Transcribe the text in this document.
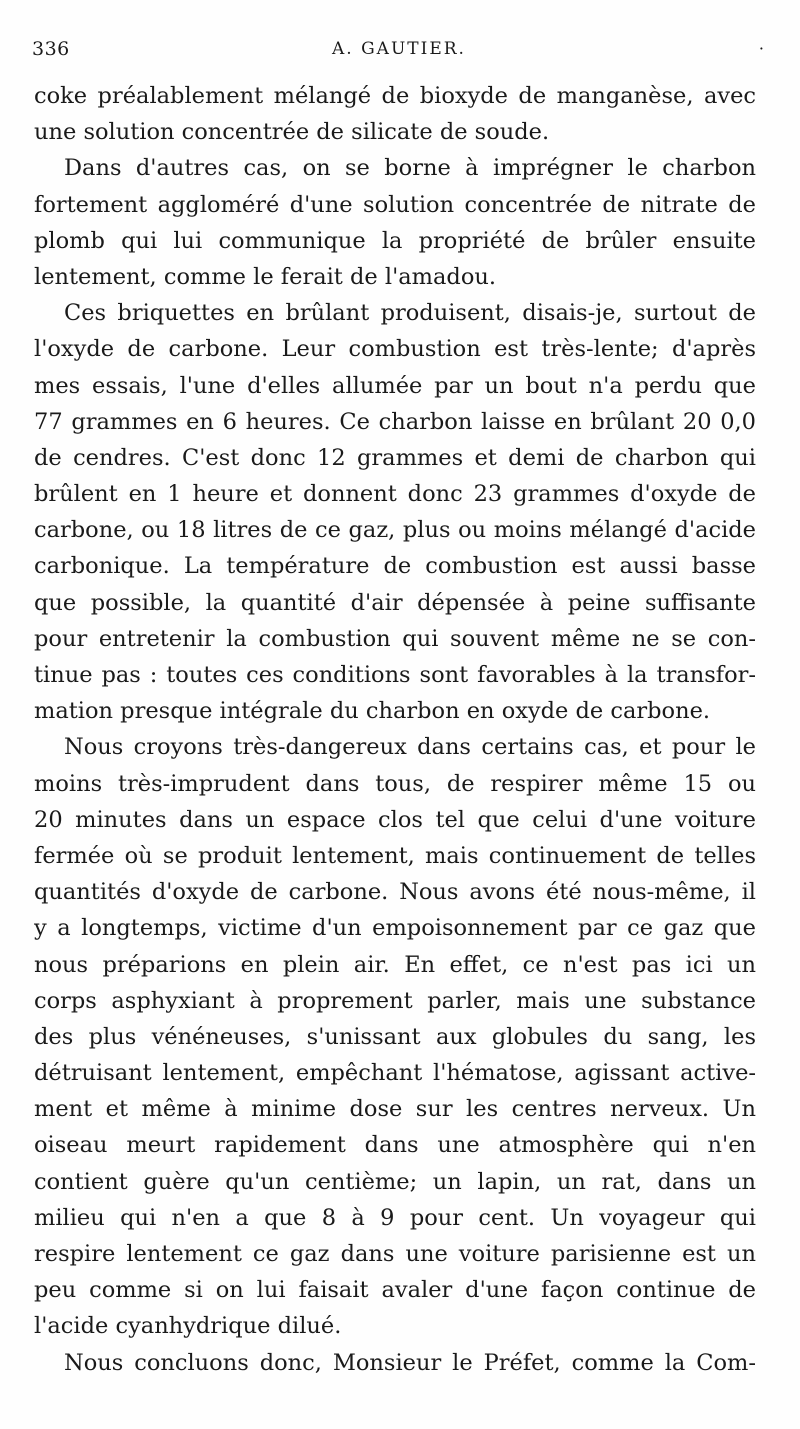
336	A. GAUTIER.	·
coke préalablement mélangé de bioxyde de manganèse, avec
une solution concentrée de silicate de soude.
Dans d'autres cas, on se borne à imprégner le charbon
fortement aggloméré d'une solution concentrée de nitrate de
plomb qui lui communique la propriété de brûler ensuite
lentement, comme le ferait de l'amadou.
Ces briquettes en brûlant produisent, disais-je, surtout de
l'oxyde de carbone. Leur combustion est très-lente; d'après
mes essais, l'une d'elles allumée par un bout n'a perdu que
77 grammes en 6 heures. Ce charbon laisse en brûlant 20 0,0
de cendres. C'est donc 12 grammes et demi de charbon qui
brûlent en 1 heure et donnent donc 23 grammes d'oxyde de
carbone, ou 18 litres de ce gaz, plus ou moins mélangé d'acide
carbonique. La température de combustion est aussi basse
que possible, la quantité d'air dépensée à peine suffisante
pour entretenir la combustion qui souvent même ne se con-
tinue pas : toutes ces conditions sont favorables à la transfor-
mation presque intégrale du charbon en oxyde de carbone.
Nous croyons très-dangereux dans certains cas, et pour le
moins très-imprudent dans tous, de respirer même 15 ou
20 minutes dans un espace clos tel que celui d'une voiture
fermée où se produit lentement, mais continuement de telles
quantités d'oxyde de carbone. Nous avons été nous-même, il
y a longtemps, victime d'un empoisonnement par ce gaz que
nous préparions en plein air. En effet, ce n'est pas ici un
corps asphyxiant à proprement parler, mais une substance
des plus vénéneuses, s'unissant aux globules du sang, les
détruisant lentement, empêchant l'hématose, agissant active-
ment et même à minime dose sur les centres nerveux. Un
oiseau meurt rapidement dans une atmosphère qui n'en
contient guère qu'un centième; un lapin, un rat, dans un
milieu qui n'en a que 8 à 9 pour cent. Un voyageur qui
respire lentement ce gaz dans une voiture parisienne est un
peu comme si on lui faisait avaler d'une façon continue de
l'acide cyanhydrique dilué.
Nous concluons donc, Monsieur le Préfet, comme la Com-
